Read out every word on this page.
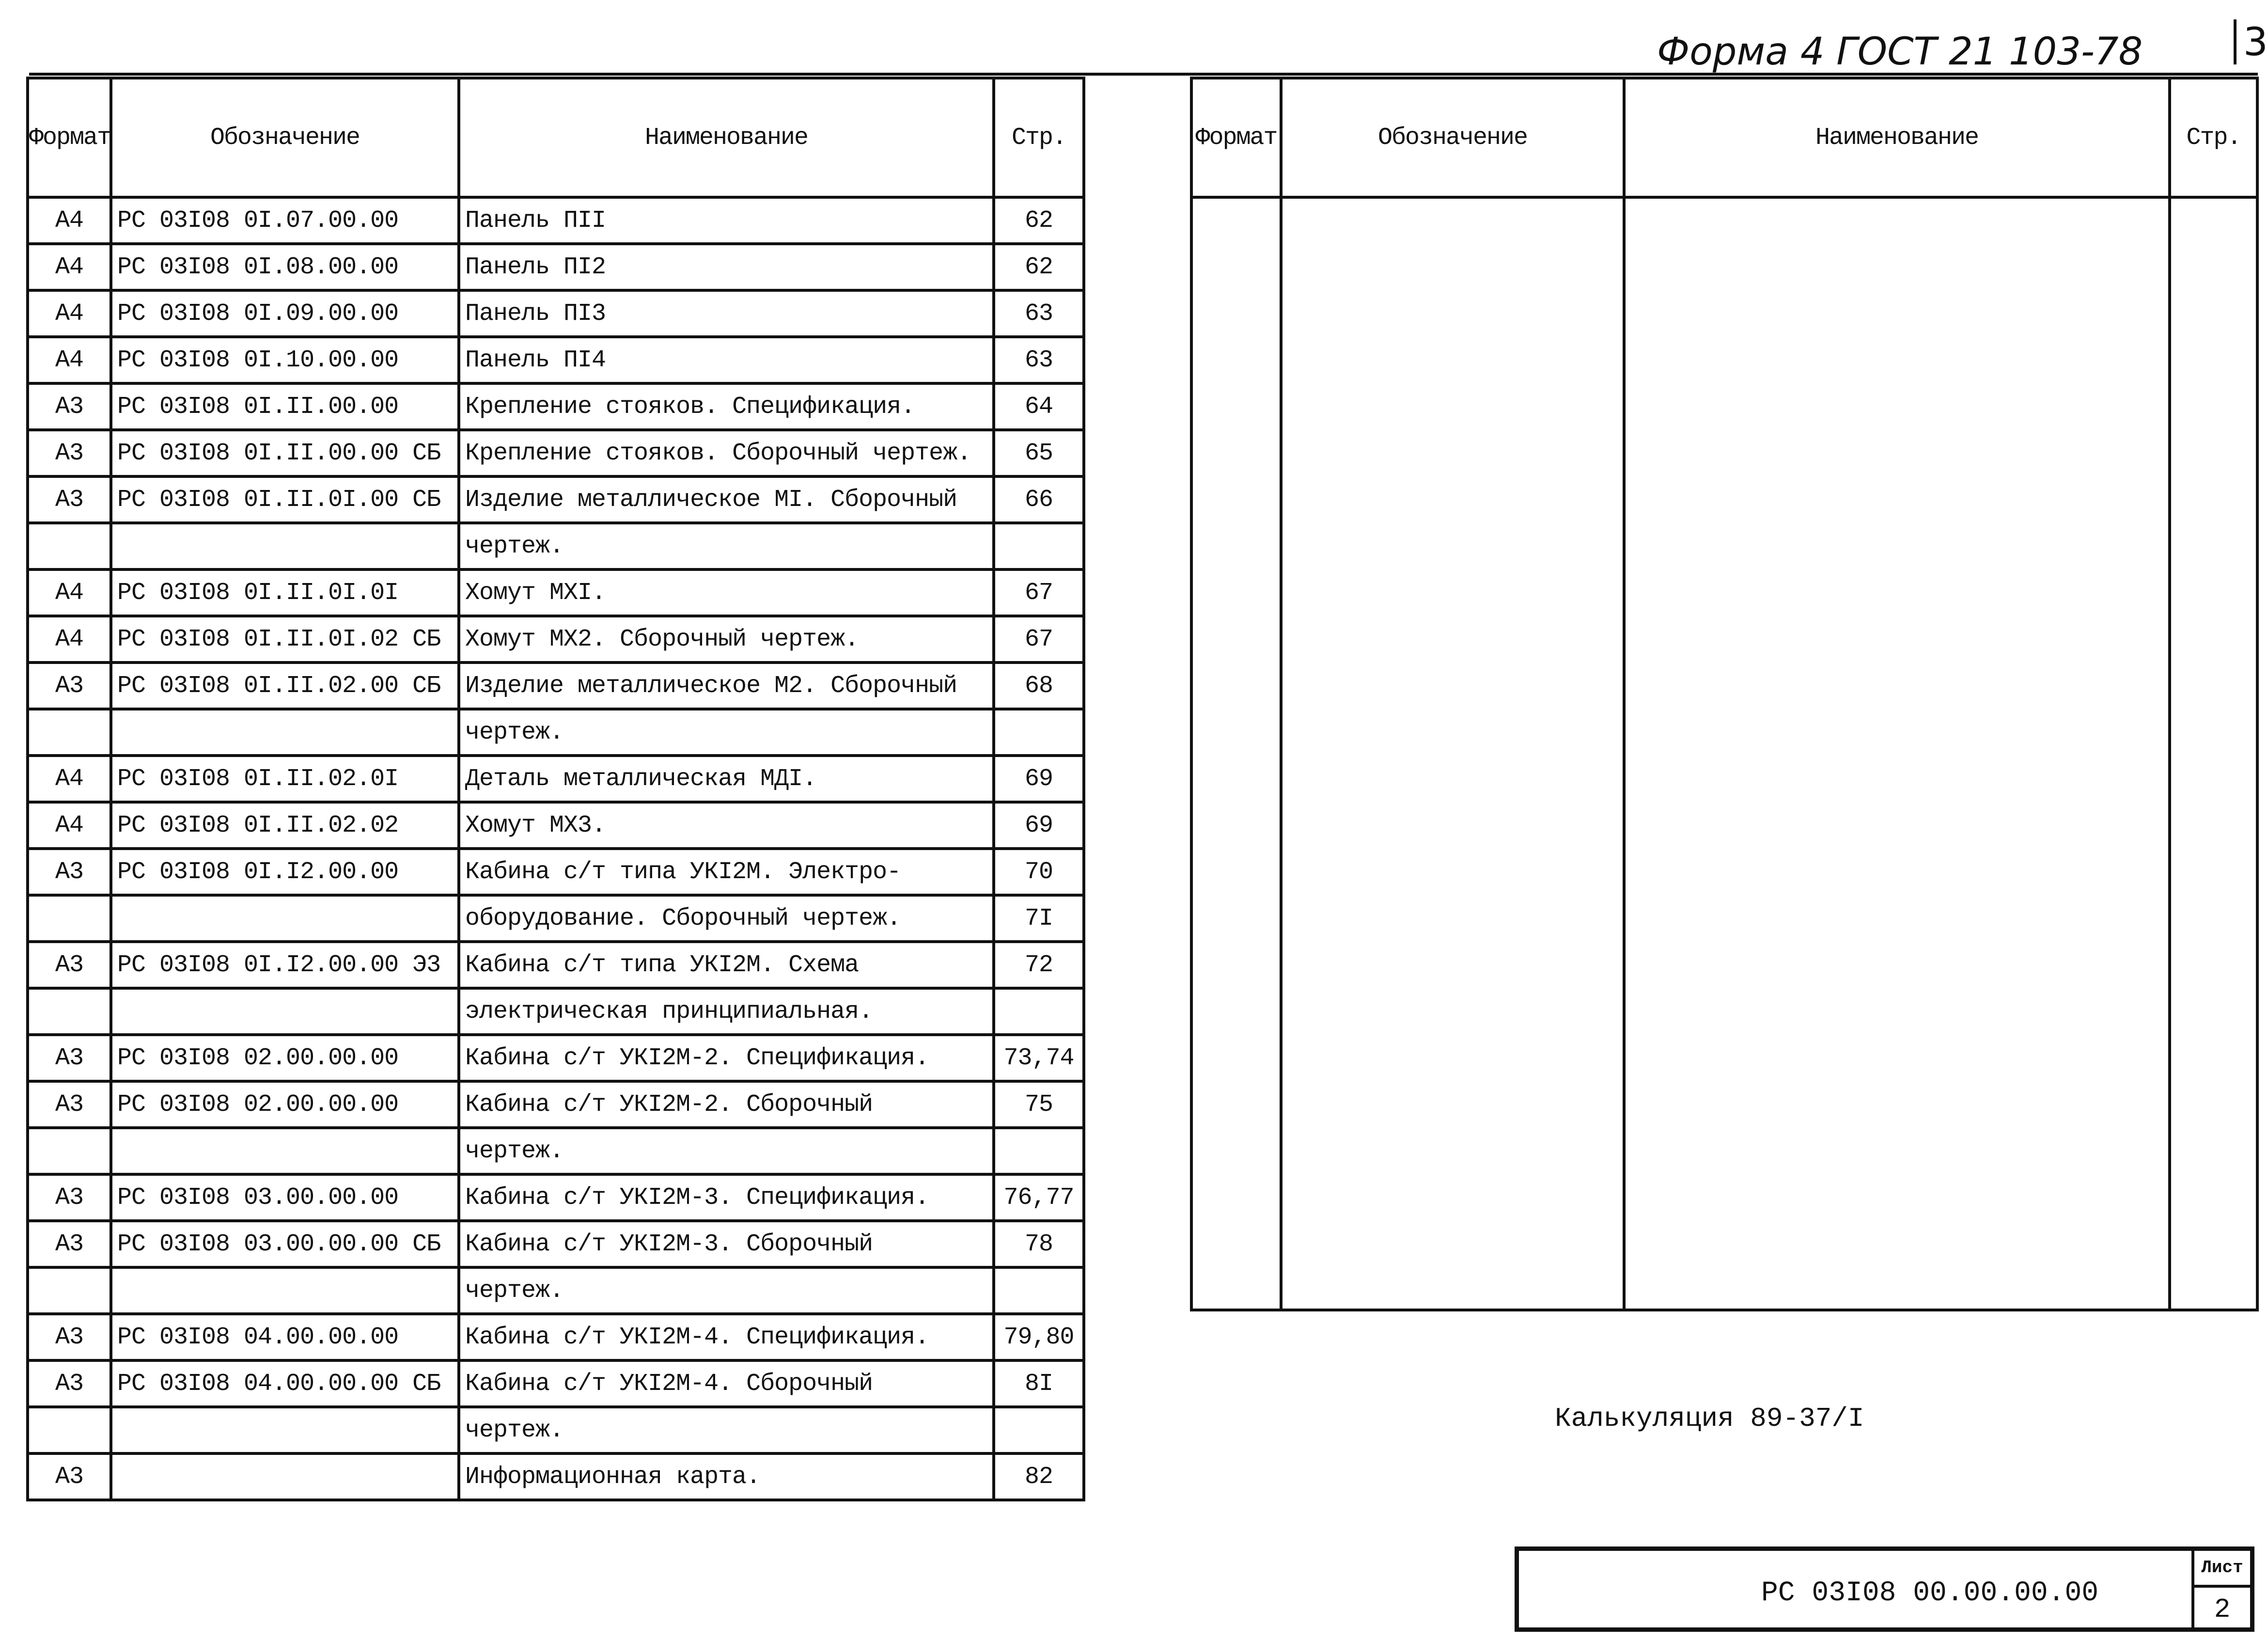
Форма 4 ГОСТ 21 103-78	3
Формат	Обозначение	Наименование	Стр.
A4	РС 03I08 0I.07.00.00	Панель ПII	62
A4	РС 03I08 0I.08.00.00	Панель ПI2	62
A4	РС 03I08 0I.09.00.00	Панель ПI3	63
A4	РС 03I08 0I.10.00.00	Панель ПI4	63
A3	РС 03I08 0I.II.00.00	Крепление стояков. Спецификация.	64
A3	РС 03I08 0I.II.00.00 СБ	Крепление стояков. Сборочный чертеж.	65
A3	РС 03I08 0I.II.0I.00 СБ	Изделие металлическое МI. Сборочный	66
		чертеж.	
A4	РС 03I08 0I.II.0I.0I	Хомут МХI.	67
A4	РС 03I08 0I.II.0I.02 СБ	Хомут МХ2. Сборочный чертеж.	67
A3	РС 03I08 0I.II.02.00 СБ	Изделие металлическое М2. Сборочный	68
		чертеж.	
A4	РС 03I08 0I.II.02.0I	Деталь металлическая МДI.	69
A4	РС 03I08 0I.II.02.02	Хомут МХ3.	69
A3	РС 03I08 0I.I2.00.00	Кабина с/т типа УКI2М. Электро-	70
		оборудование. Сборочный чертеж.	7I
A3	РС 03I08 0I.I2.00.00 Э3	Кабина с/т типа УКI2М. Схема	72
		электрическая принципиальная.	
A3	РС 03I08 02.00.00.00	Кабина с/т УКI2М-2. Спецификация.	73,74
A3	РС 03I08 02.00.00.00	Кабина с/т УКI2М-2. Сборочный	75
		чертеж.	
A3	РС 03I08 03.00.00.00	Кабина с/т УКI2М-3. Спецификация.	76,77
A3	РС 03I08 03.00.00.00 СБ	Кабина с/т УКI2М-3. Сборочный	78
		чертеж.	
A3	РС 03I08 04.00.00.00	Кабина с/т УКI2М-4. Спецификация.	79,80
A3	РС 03I08 04.00.00.00 СБ	Кабина с/т УКI2М-4. Сборочный	8I
		чертеж.	
A3		Информационная карта.	82
Формат	Обозначение	Наименование	Стр.

Калькуляция 89-37/I
РС 03I08 00.00.00.00
Лист
2
